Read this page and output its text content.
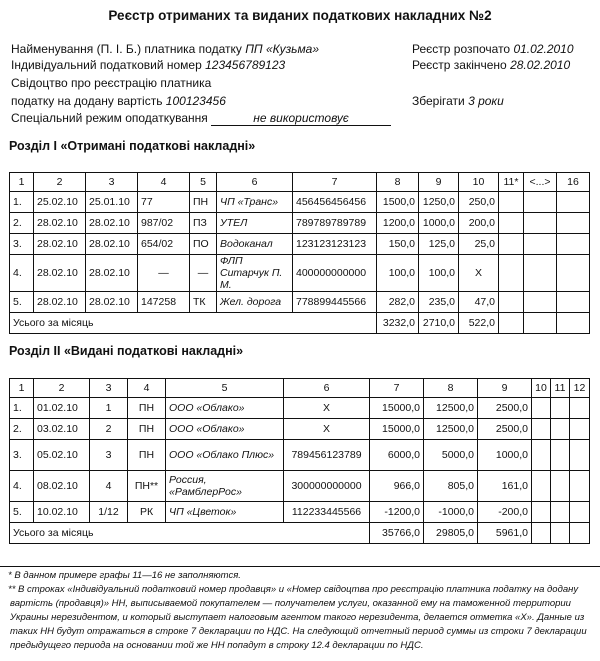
Реєстр отриманих та виданих податкових накладних №2
Найменування (П. І. Б.) платника податку ПП «Кузьма»	Реєстр розпочато 01.02.2010
Індивідуальний податковий номер 123456789123	Реєстр закінчено 28.02.2010
Свідоцтво про реєстрацію платника
податку на додану вартість 100123456	Зберігати 3 роки
Спеціальний режим оподаткування	не використовує
Розділ I «Отримані податкові накладні»
1	2	3	4	5	6	7	8	9	10	11*	<...>	16
1.	25.02.10	25.01.10	77	ПН	ЧП «Транс»	456456456456	1500,0	1250,0	250,0			
2.	28.02.10	28.02.10	987/02	ПЗ	УТЕЛ	789789789789	1200,0	1000,0	200,0			
3.	28.02.10	28.02.10	654/02	ПО	Водоканал	123123123123	150,0	125,0	25,0			
4.	28.02.10	28.02.10	—	—	ФЛП Ситарчук П. М.	400000000000	100,0	100,0	Х			
5.	28.02.10	28.02.10	147258	ТК	Жел. дорога	778899445566	282,0	235,0	47,0			
Усього за місяць							3232,0	2710,0	522,0			
Розділ II «Видані податкові накладні»
1	2	3	4	5	6	7	8	9	10	11	12
1.	01.02.10	1	ПН	ООО «Облако»	Х	15000,0	12500,0	2500,0			
2.	03.02.10	2	ПН	ООО «Облако»	Х	15000,0	12500,0	2500,0			
3.	05.02.10	3	ПН	ООО «Облако Плюс»	789456123789	6000,0	5000,0	1000,0			
4.	08.02.10	4	ПН**	Россия, «РамблерРос»	300000000000	966,0	805,0	161,0			
5.	10.02.10	1/12	РК	ЧП «Цветок»	112233445566	-1200,0	-1000,0	-200,0			
Усього за місяць						35766,0	29805,0	5961,0			

* В данном примере графы 11—16 не заполняются.

** В строках «Індивідуальний податковий номер продавця» и «Номер свідоцтва про реєстрацію платника податку на додану вартість (продавця)» НН, выписываемой покупателем — получателем услуги, оказанной ему на таможенной территории Украины нерезидентом, и который выступает налоговым агентом такого нерезидента, делается отметка «Х». Данные из таких НН будут отражаться в строке 7 декларации по НДС. На следующий отчетный период суммы из строки 7 декларации предыдущего периода на основании той же НН попадут в строку 12.4 декларации по НДС.
